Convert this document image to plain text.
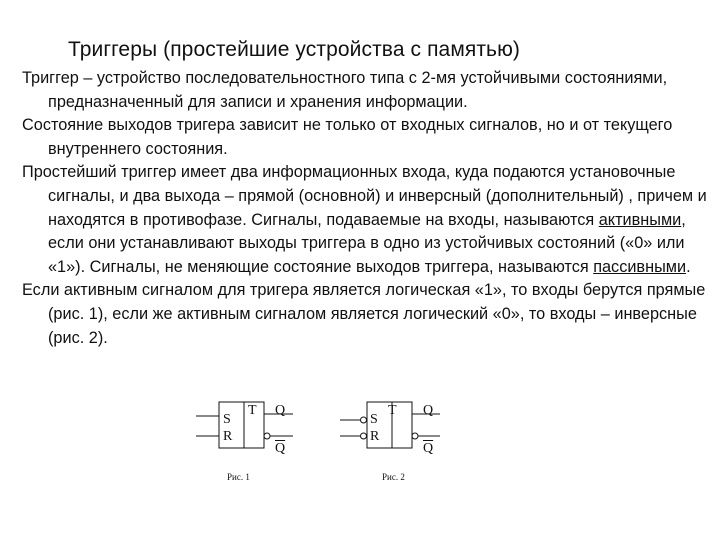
Триггеры (простейшие устройства с памятью)

Триггер – устройство последовательностного типа с 2-мя устойчивыми состояниями, предназначенный для записи и хранения информации.

Состояние выходов тригера зависит не только от входных сигналов, но и от текущего внутреннего состояния.

Простейший триггер имеет два информационных входа, куда подаются установочные сигналы, и два выхода – прямой (основной) и инверсный (дополнительный) , причем и находятся в противофазе. Сигналы, подаваемые на входы, называются активными, если они устанавливают выходы триггера в одно из устойчивых состояний («0» или «1»). Сигналы, не меняющие состояние выходов триггера, называются пассивными.

Если активным сигналом для тригера является логическая «1», то входы берутся прямые (рис. 1), если же активным сигналом является логический «0», то входы – инверсные (рис. 2).

S
R
T Q
$\overline{Q}$
Рис. 1
S
R
T Q
$\overline{Q}$
Рис. 2
